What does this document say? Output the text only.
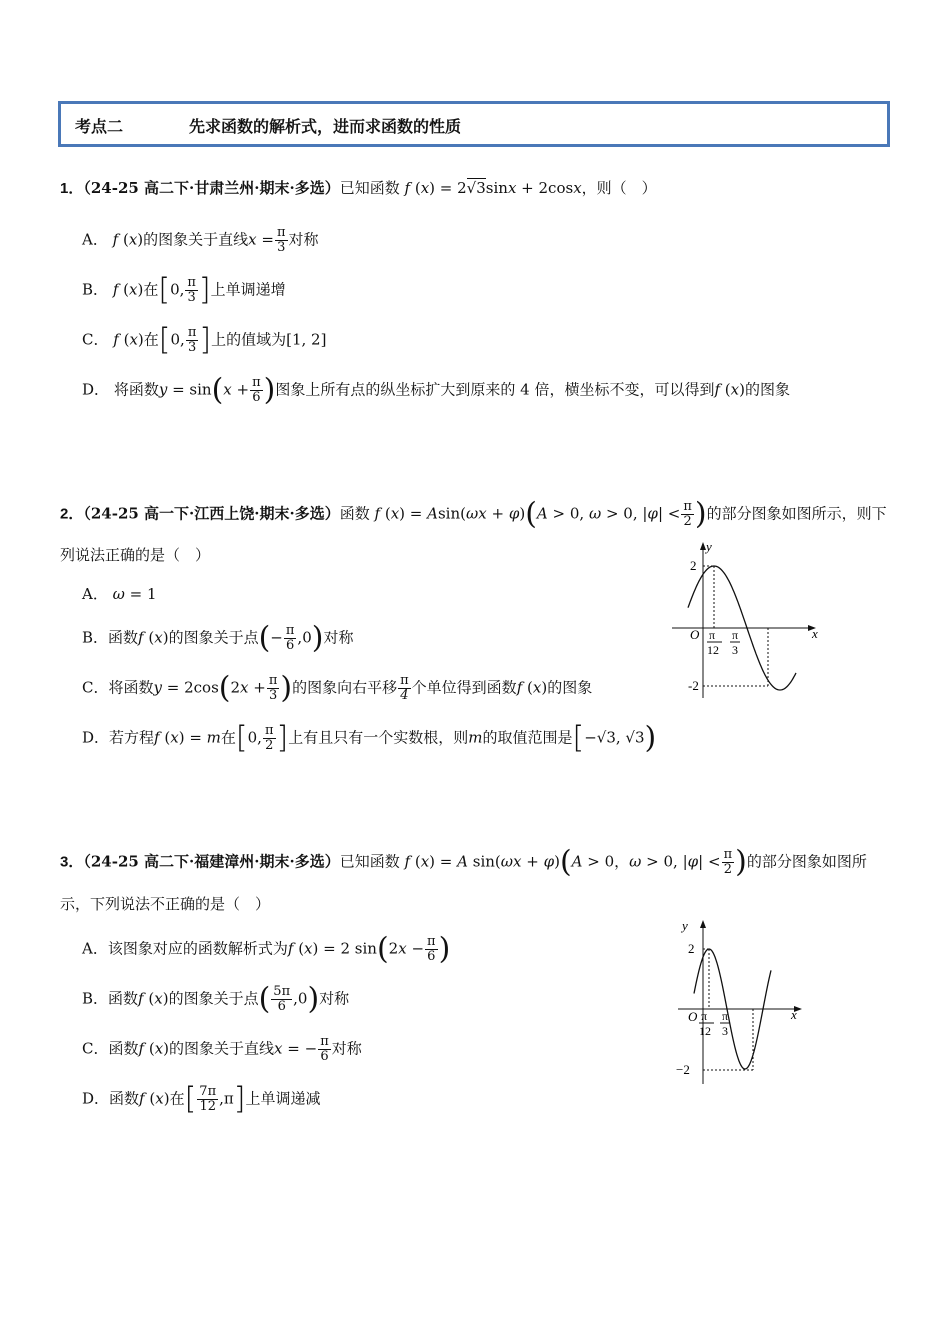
考点二	先求函数的解析式，进而求函数的性质
1．（24-25 高二下·甘肃兰州·期末·多选）已知函数 f (x) = 2√3sinx + 2cosx，则（　）
A． f (x)的图象关于直线$x = \frac{\pi}{3}$ 对称
B． f (x)在[0, $\frac{\pi}{3}$ ]上单调递增
C． f (x)在[0, $\frac{\pi}{3}$ ]上的值域为[1, 2]
D． 将函数$y = \sin(x + \frac{\pi}{6}$ )图象上所有点的纵坐标扩大到原来的 4 倍，横坐标不变，可以得到f (x)的图象
2．（24-25 高一下·江西上饶·期末·多选）函数 f (x) = Asin(ωx + φ)(A > 0, ω > 0, $|\varphi| < \frac{\pi}{2}$ )的部分图象如图所示，则下
列说法正确的是（　）
A． ω = 1
B．函数f (x)的图象关于点(− $\frac{\pi}{6} ,0$)对称
C．将函数$y = 2\cos(2x + \frac{\pi}{3}$ )的图象向右平移 $\frac{\pi}{4}$ 个单位得到函数f (x)的图象
D．若方程f (x) = m在[0, $\frac{\pi}{2}$ ]上有且只有一个实数根，则m的取值范围是[−√3, √3)
y
x
2
-2
O π
12
π
3
3．（24-25 高二下·福建漳州·期末·多选）已知函数 f (x) = A sin(ωx + φ)(A > 0，ω > 0, $|\varphi| < \frac{\pi}{2}$ )的部分图象如图所
示，下列说法不正确的是（　）
A．该图象对应的函数解析式为f (x) = 2 $\sin(2x - \frac{\pi}{6}$ )
B．函数f (x)的图象关于点( $\frac{5\pi}{6} ,0$)对称
C．函数f (x)的图象关于直线x = − $\frac{\pi}{6}$ 对称
D．函数f (x)在[ $\frac{7\pi}{12} ,\pi$]上单调递减
y
x
2
−2
O π
12
π
3
